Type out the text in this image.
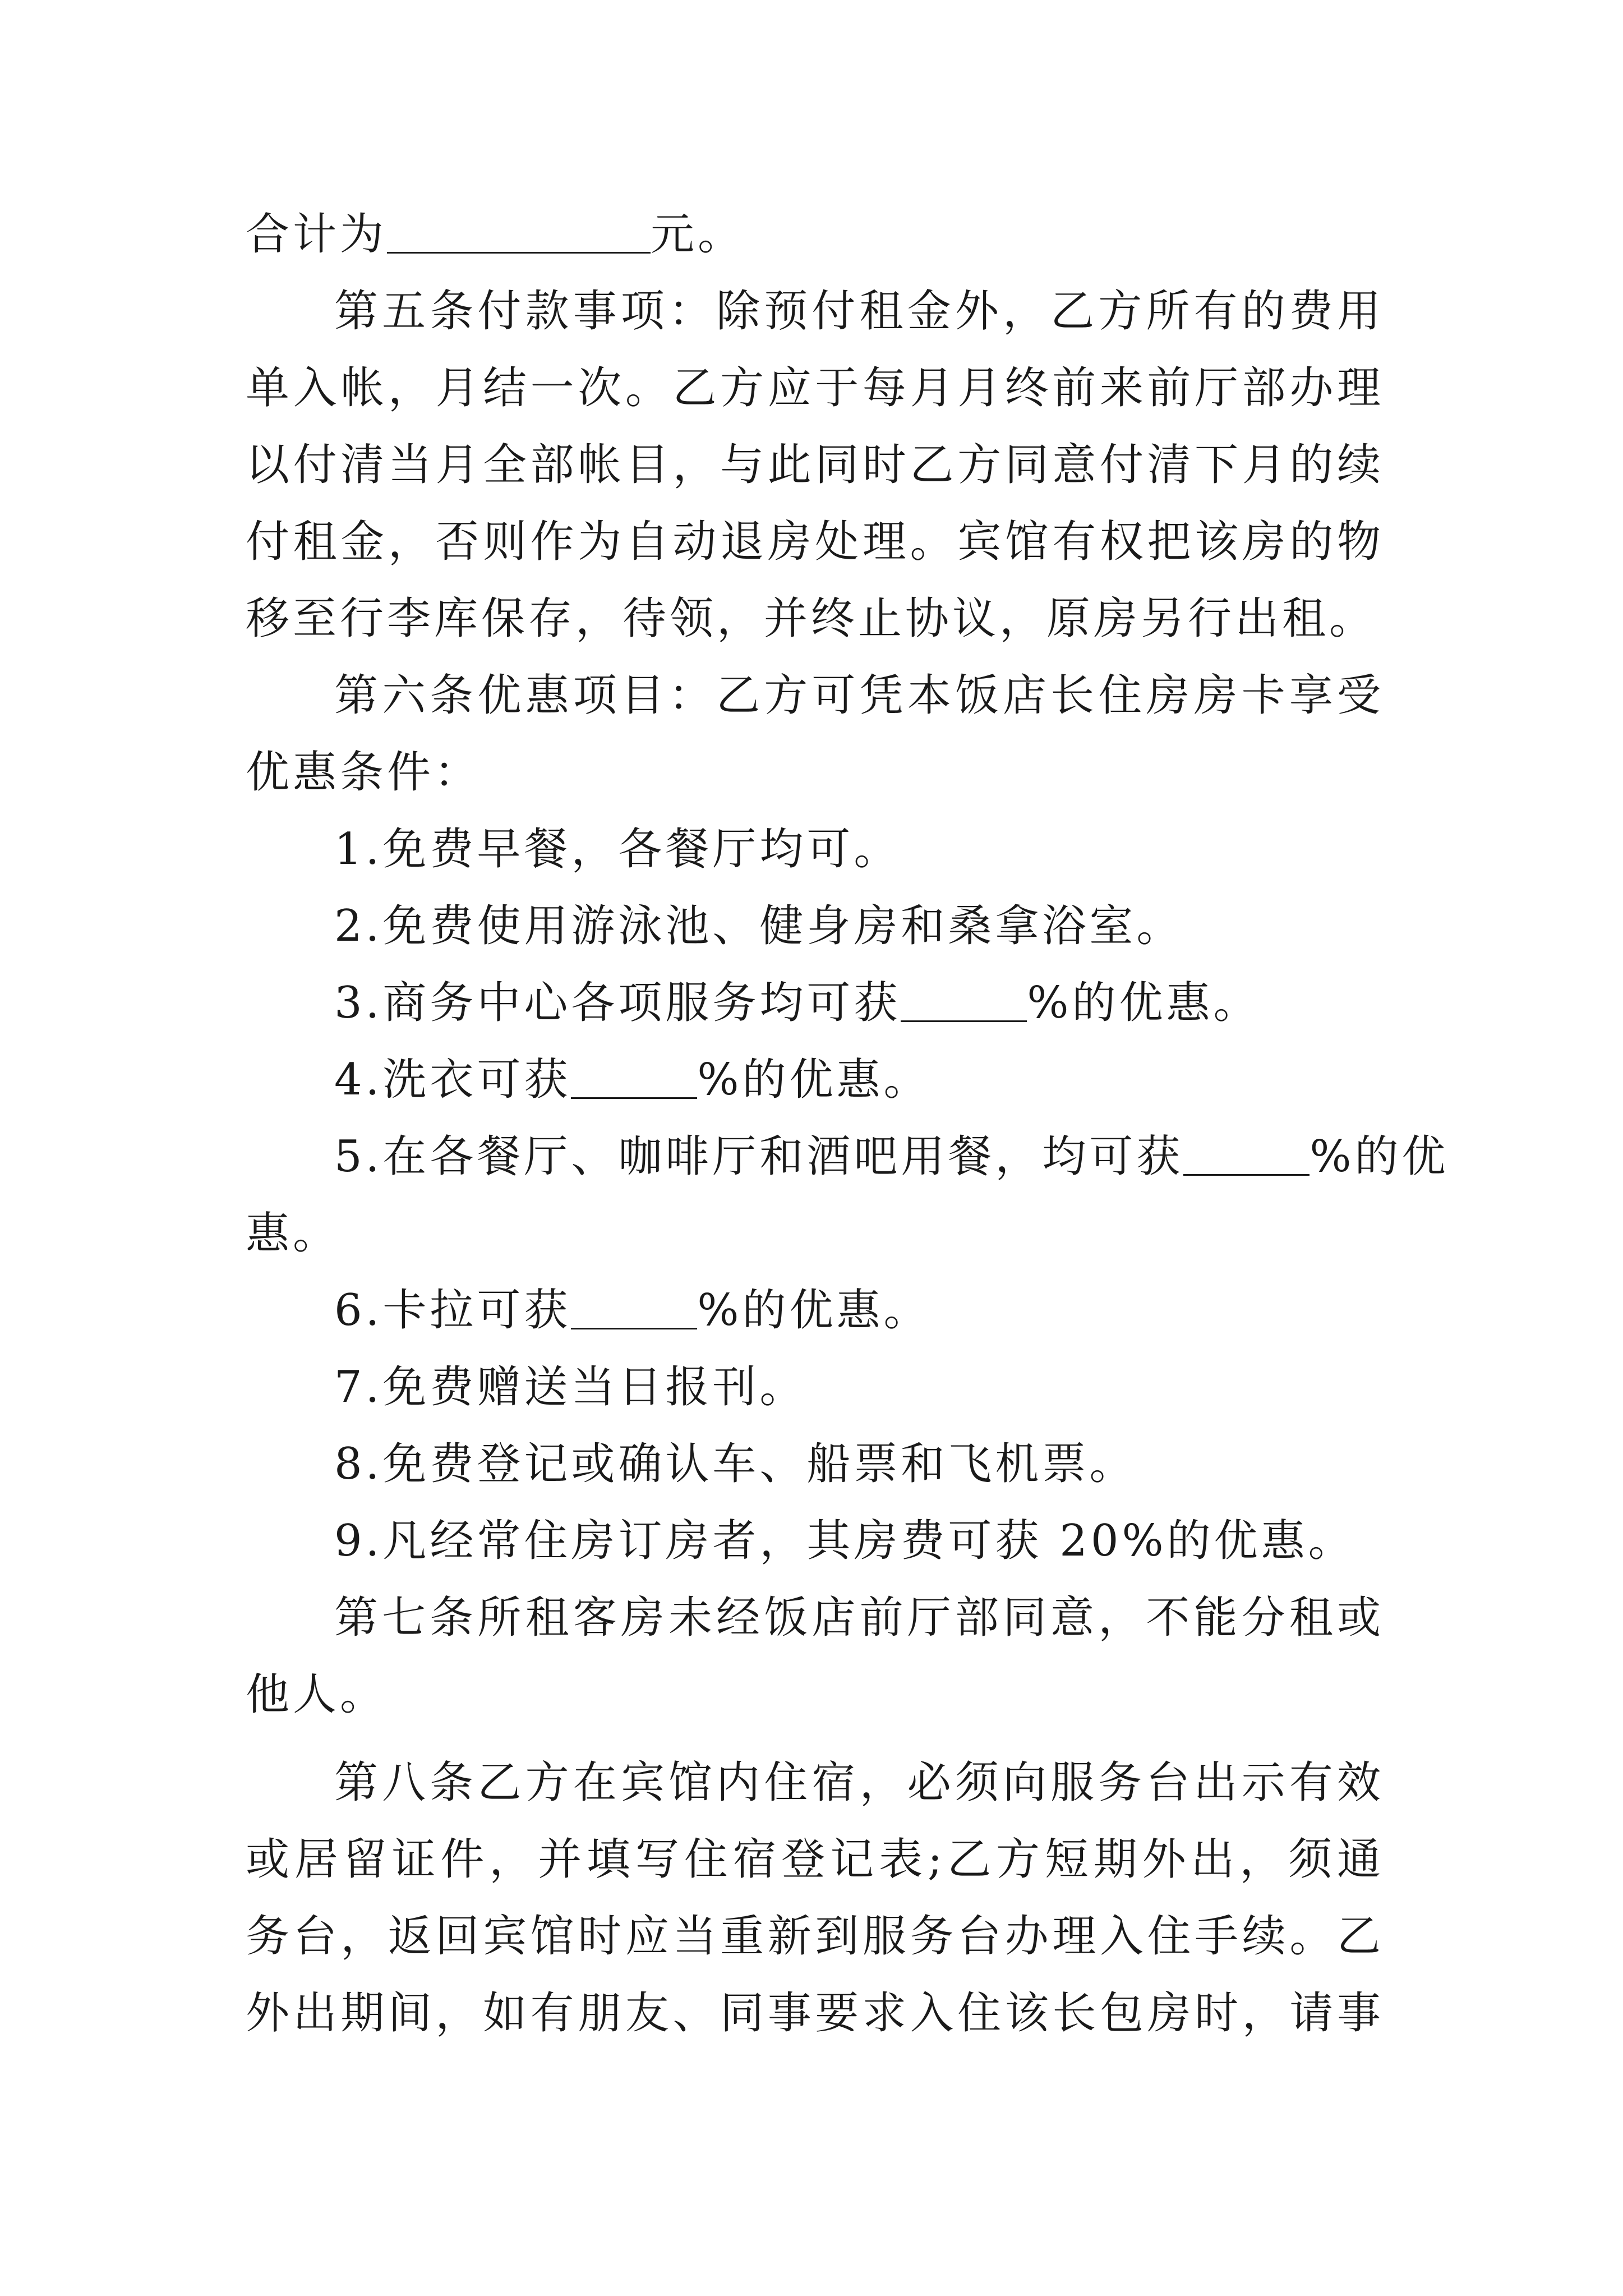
合计为	元。
第五条付款事项：除预付租金外，乙方所有的费用
单入帐，月结一次。乙方应于每月月终前来前厅部办理
以付清当月全部帐目，与此同时乙方同意付清下月的续
付租金，否则作为自动退房处理。宾馆有权把该房的物
移至行李库保存，待领，并终止协议，原房另行出租。
第六条优惠项目：乙方可凭本饭店长住房房卡享受
优惠条件：
1.免费早餐，各餐厅均可。
2.免费使用游泳池、健身房和桑拿浴室。
3.商务中心各项服务均可获	%的优惠。
4.洗衣可获	%的优惠。
5.在各餐厅、咖啡厅和酒吧用餐，均可获	%的优
惠。
6.卡拉可获	%的优惠。
7.免费赠送当日报刊。
8.免费登记或确认车、船票和飞机票。
9.凡经常住房订房者，其房费可获 20%的优惠。
第七条所租客房未经饭店前厅部同意，不能分租或
他人。
第八条乙方在宾馆内住宿，必须向服务台出示有效
或居留证件，并填写住宿登记表;乙方短期外出，须通
务台，返回宾馆时应当重新到服务台办理入住手续。乙
外出期间，如有朋友、同事要求入住该长包房时，请事
